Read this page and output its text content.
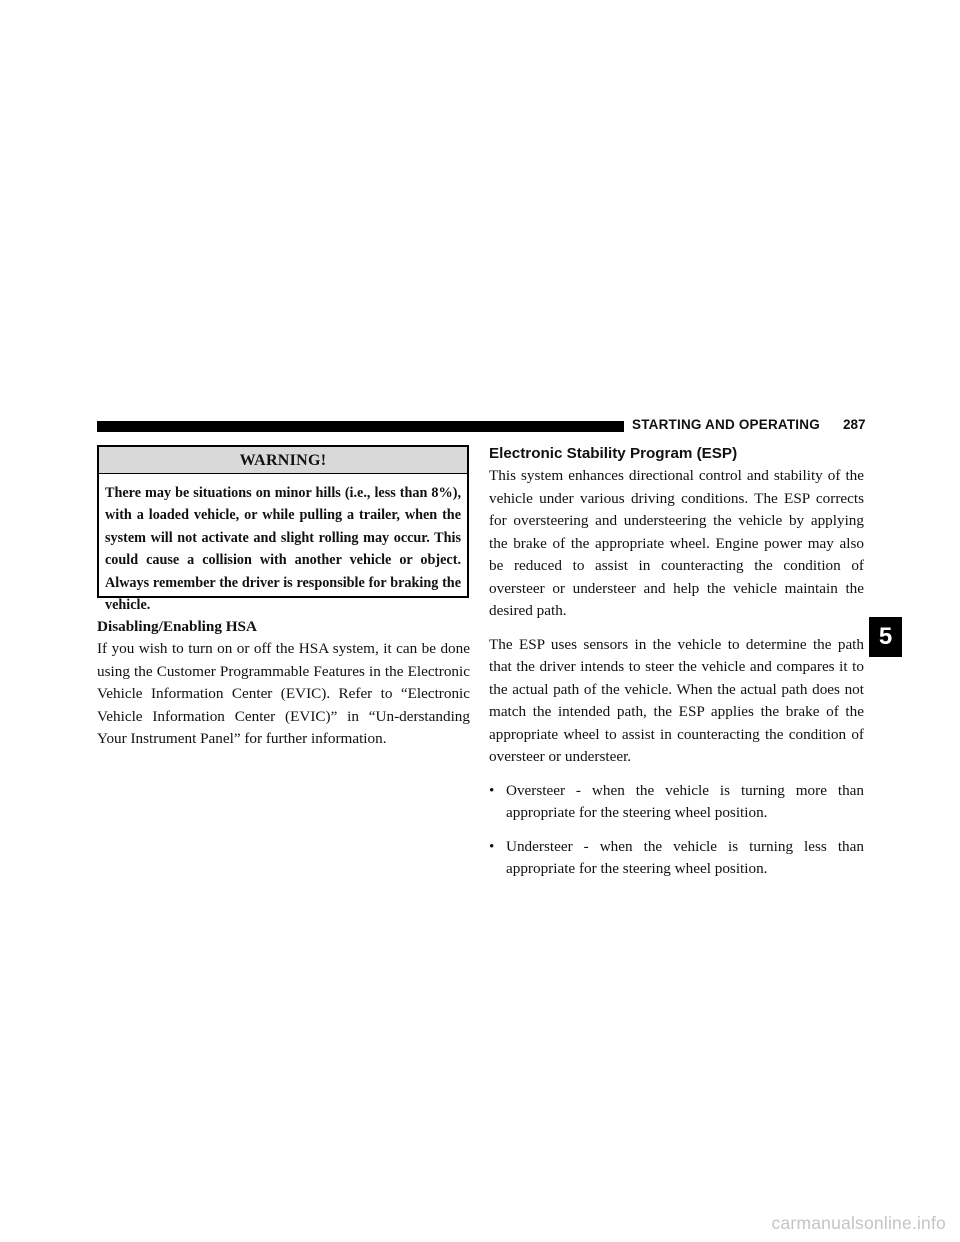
STARTING AND OPERATING 287
WARNING!
There may be situations on minor hills (i.e., less than 8%), with a loaded vehicle, or while pulling a trailer, when the system will not activate and slight rolling may occur. This could cause a collision with another vehicle or object. Always remember the driver is responsible for braking the vehicle.
Disabling/Enabling HSA

If you wish to turn on or off the HSA system, it can be done using the Customer Programmable Features in the Electronic Vehicle Information Center (EVIC). Refer to “Electronic Vehicle Information Center (EVIC)” in “Un-derstanding Your Instrument Panel” for further information.

Electronic Stability Program (ESP)

This system enhances directional control and stability of the vehicle under various driving conditions. The ESP corrects for oversteering and understeering the vehicle by applying the brake of the appropriate wheel. Engine power may also be reduced to assist in counteracting the condition of oversteer or understeer and help the vehicle maintain the desired path.

The ESP uses sensors in the vehicle to determine the path that the driver intends to steer the vehicle and compares it to the actual path of the vehicle. When the actual path does not match the intended path, the ESP applies the brake of the appropriate wheel to assist in counteracting the condition of oversteer or understeer.

• Oversteer - when the vehicle is turning more than appropriate for the steering wheel position.
• Understeer - when the vehicle is turning less than appropriate for the steering wheel position.
5
carmanualsonline.info
